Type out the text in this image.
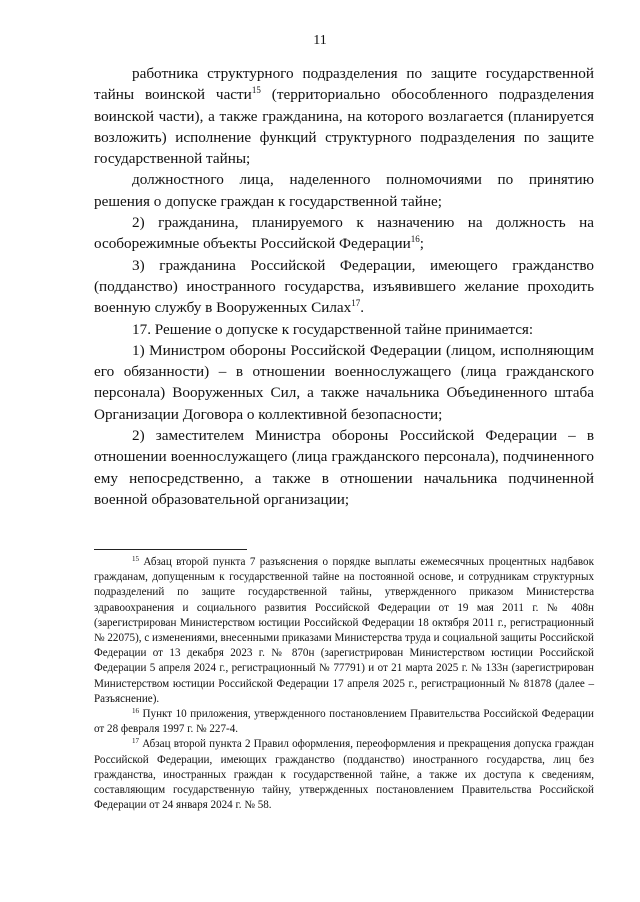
11

работника структурного подразделения по защите государственной тайны воинской части$^{15}$ (территориально обособленного подразделения воинской части), а также гражданина, на которого возлагается (планируется возложить) исполнение функций структурного подразделения по защите государственной тайны;

должностного лица, наделенного полномочиями по принятию решения о допуске граждан к государственной тайне;

2) гражданина, планируемого к назначению на должность на особорежимные объекты Российской Федерации$^{16}$;

3) гражданина Российской Федерации, имеющего гражданство (подданство) иностранного государства, изъявившего желание проходить военную службу в Вооруженных Силах$^{17}$.

17. Решение о допуске к государственной тайне принимается:

1) Министром обороны Российской Федерации (лицом, исполняющим его обязанности) – в отношении военнослужащего (лица гражданского персонала) Вооруженных Сил, а также начальника Объединенного штаба Организации Договора о коллективной безопасности;

2) заместителем Министра обороны Российской Федерации – в отношении военнослужащего (лица гражданского персонала), подчиненного ему непосредственно, а также в отношении начальника подчиненной военной образовательной организации;

$^{15}$ Абзац второй пункта 7 разъяснения о порядке выплаты ежемесячных процентных надбавок гражданам, допущенным к государственной тайне на постоянной основе, и сотрудникам структурных подразделений по защите государственной тайны, утвержденного приказом Министерства здравоохранения и социального развития Российской Федерации от 19 мая 2011 г. № 408н (зарегистрирован Министерством юстиции Российской Федерации 18 октября 2011 г., регистрационный № 22075), с изменениями, внесенными приказами Министерства труда и социальной защиты Российской Федерации от 13 декабря 2023 г. № 870н (зарегистрирован Министерством юстиции Российской Федерации 5 апреля 2024 г., регистрационный № 77791) и от 21 марта 2025 г. № 133н (зарегистрирован Министерством юстиции Российской Федерации 17 апреля 2025 г., регистрационный № 81878 (далее – Разъяснение).

$^{16}$ Пункт 10 приложения, утвержденного постановлением Правительства Российской Федерации от 28 февраля 1997 г. № 227-4.

$^{17}$ Абзац второй пункта 2 Правил оформления, переоформления и прекращения допуска граждан Российской Федерации, имеющих гражданство (подданство) иностранного государства, лиц без гражданства, иностранных граждан к государственной тайне, а также их доступа к сведениям, составляющим государственную тайну, утвержденных постановлением Правительства Российской Федерации от 24 января 2024 г. № 58.
